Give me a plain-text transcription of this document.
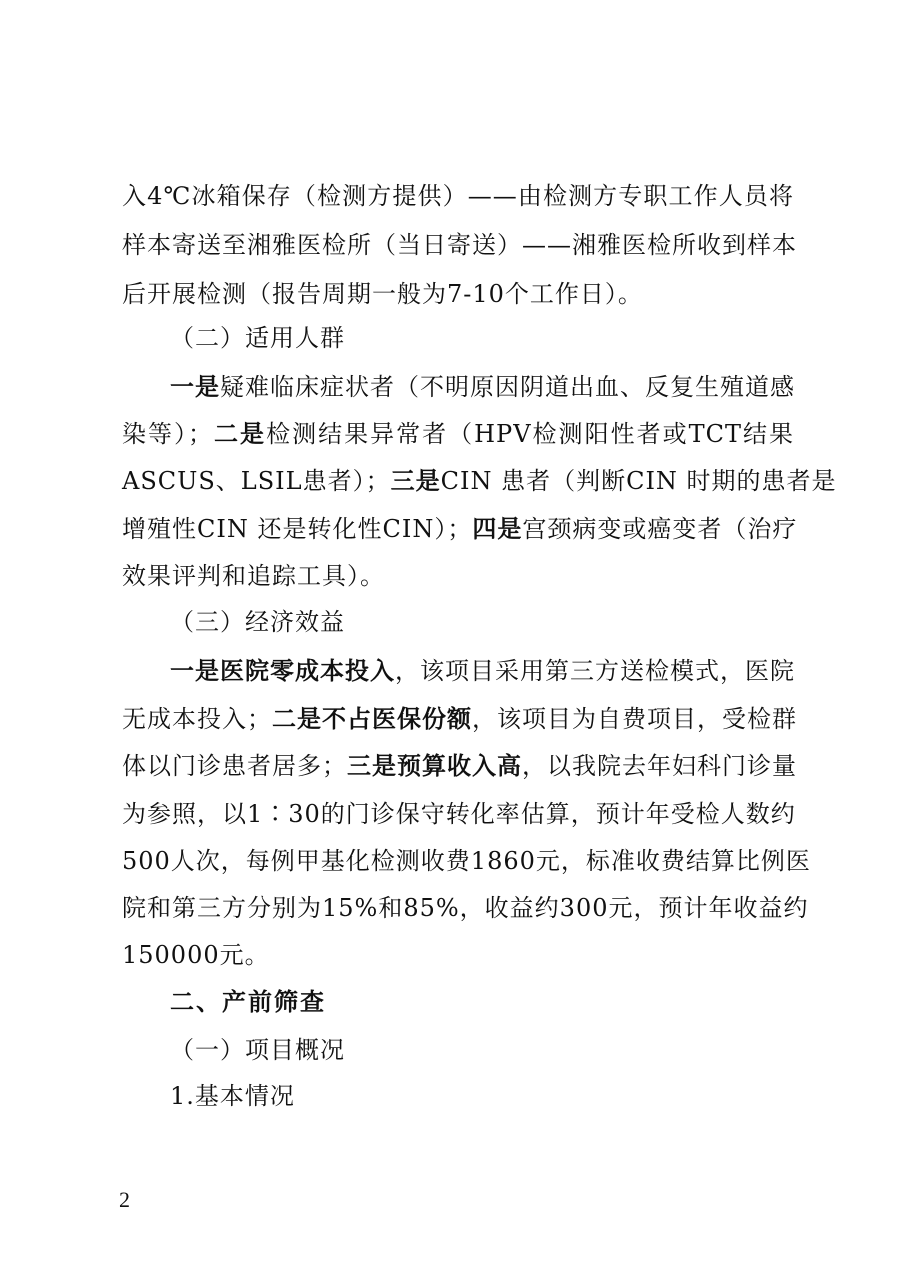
入4℃冰箱保存（检测方提供）——由检测方专职工作人员将
样本寄送至湘雅医检所（当日寄送）——湘雅医检所收到样本
后开展检测（报告周期一般为7-10个工作日）。
（二）适用人群
一是疑难临床症状者（不明原因阴道出血、反复生殖道感
染等）；二是检测结果异常者（HPV检测阳性者或TCT结果
ASCUS、LSIL患者）；三是CIN 患者（判断CIN 时期的患者是
增殖性CIN 还是转化性CIN）；四是宫颈病变或癌变者（治疗
效果评判和追踪工具）。
（三）经济效益
一是医院零成本投入，该项目采用第三方送检模式，医院
无成本投入；二是不占医保份额，该项目为自费项目，受检群
体以门诊患者居多；三是预算收入高，以我院去年妇科门诊量
为参照，以1∶30的门诊保守转化率估算，预计年受检人数约
500人次，每例甲基化检测收费1860元，标准收费结算比例医
院和第三方分别为15%和85%，收益约300元，预计年收益约
150000元。
二、产前筛查
（一）项目概况
1.基本情况
2
